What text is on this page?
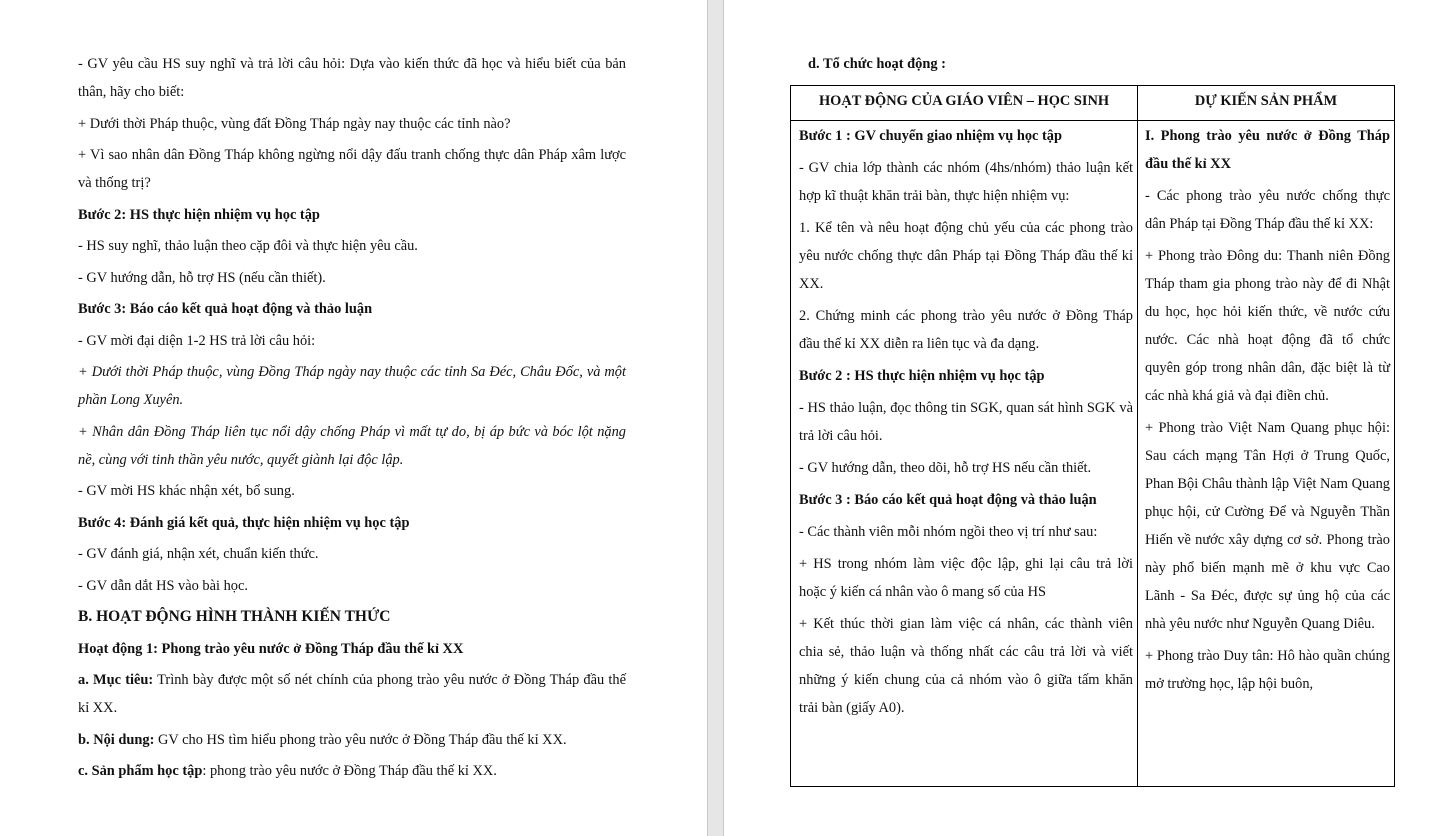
- GV yêu cầu HS suy nghĩ và trả lời câu hỏi: Dựa vào kiến thức đã học và hiểu biết của bản thân, hãy cho biết:

+ Dưới thời Pháp thuộc, vùng đất Đồng Tháp ngày nay thuộc các tỉnh nào?

+ Vì sao nhân dân Đồng Tháp không ngừng nổi dậy đấu tranh chống thực dân Pháp xâm lược và thống trị?

Bước 2: HS thực hiện nhiệm vụ học tập

- HS suy nghĩ, thảo luận theo cặp đôi và thực hiện yêu cầu.

- GV hướng dẫn, hỗ trợ HS (nếu cần thiết).

Bước 3: Báo cáo kết quả hoạt động và thảo luận

- GV mời đại diện 1-2 HS trả lời câu hỏi:

+ Dưới thời Pháp thuộc, vùng Đồng Tháp ngày nay thuộc các tỉnh Sa Đéc, Châu Đốc, và một phần Long Xuyên.

+ Nhân dân Đồng Tháp liên tục nổi dậy chống Pháp vì mất tự do, bị áp bức và bóc lột nặng nề, cùng với tinh thần yêu nước, quyết giành lại độc lập.

- GV mời HS khác nhận xét, bổ sung.

Bước 4: Đánh giá kết quả, thực hiện nhiệm vụ học tập

- GV đánh giá, nhận xét, chuẩn kiến thức.

- GV dẫn dắt HS vào bài học.

B. HOẠT ĐỘNG HÌNH THÀNH KIẾN THỨC

Hoạt động 1: Phong trào yêu nước ở Đồng Tháp đầu thế kỉ XX

a. Mục tiêu: Trình bày được một số nét chính của phong trào yêu nước ở Đồng Tháp đầu thế kỉ XX.

b. Nội dung: GV cho HS tìm hiểu phong trào yêu nước ở Đồng Tháp đầu thế kỉ XX.

c. Sản phẩm học tập: phong trào yêu nước ở Đồng Tháp đầu thế kỉ XX.

d. Tổ chức hoạt động :
HOẠT ĐỘNG CỦA GIÁO VIÊN – HỌC SINH	DỰ KIẾN SẢN PHẨM

Bước 1 : GV chuyển giao nhiệm vụ học tập

- GV chia lớp thành các nhóm (4hs/nhóm) thảo luận kết hợp kĩ thuật khăn trải bàn, thực hiện nhiệm vụ:

1. Kể tên và nêu hoạt động chủ yếu của các phong trào yêu nước chống thực dân Pháp tại Đồng Tháp đầu thế kỉ XX.

2. Chứng minh các phong trào yêu nước ở Đồng Tháp đầu thế kỉ XX diễn ra liên tục và đa dạng.

Bước 2 : HS thực hiện nhiệm vụ học tập

- HS thảo luận, đọc thông tin SGK, quan sát hình SGK và trả lời câu hỏi.

- GV hướng dẫn, theo dõi, hỗ trợ HS nếu cần thiết.

Bước 3 : Báo cáo kết quả hoạt động và thảo luận

- Các thành viên mỗi nhóm ngồi theo vị trí như sau:

+ HS trong nhóm làm việc độc lập, ghi lại câu trả lời hoặc ý kiến cá nhân vào ô mang số của HS

+ Kết thúc thời gian làm việc cá nhân, các thành viên chia sẻ, thảo luận và thống nhất các câu trả lời và viết những ý kiến chung của cả nhóm vào ô giữa tấm khăn trải bàn (giấy A0).

I. Phong trào yêu nước ở Đồng Tháp đầu thế kỉ XX

- Các phong trào yêu nước chống thực dân Pháp tại Đồng Tháp đầu thế kỉ XX:

+ Phong trào Đông du: Thanh niên Đồng Tháp tham gia phong trào này để đi Nhật du học, học hỏi kiến thức, về nước cứu nước. Các nhà hoạt động đã tổ chức quyên góp trong nhân dân, đặc biệt là từ các nhà khá giả và đại điền chủ.

+ Phong trào Việt Nam Quang phục hội: Sau cách mạng Tân Hợi ở Trung Quốc, Phan Bội Châu thành lập Việt Nam Quang phục hội, cử Cường Để và Nguyễn Thần Hiến về nước xây dựng cơ sở. Phong trào này phổ biến mạnh mẽ ở khu vực Cao Lãnh - Sa Đéc, được sự ủng hộ của các nhà yêu nước như Nguyễn Quang Diêu.

+ Phong trào Duy tân: Hô hào quần chúng mở trường học, lập hội buôn,
